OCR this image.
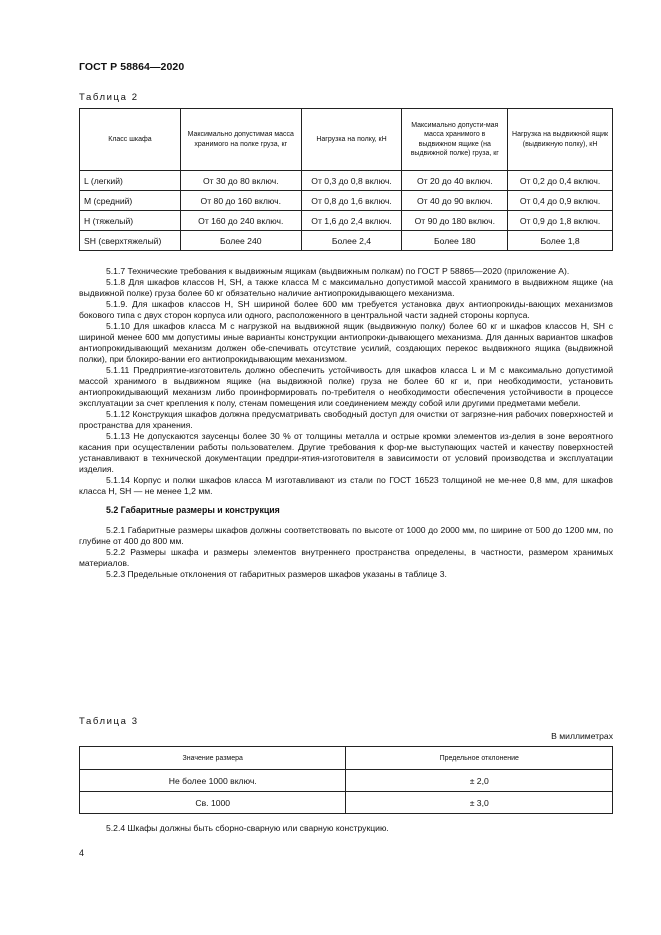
ГОСТ Р 58864—2020
Таблица 2
Класс шкафа	Максимально допустимая масса хранимого на полке груза, кг	Нагрузка на полку, кН	Максимально допусти-мая масса хранимого в выдвижном ящике (на выдвижной полке) груза, кг	Нагрузка на выдвижной ящик (выдвижную полку), кН
L (легкий)	От 30 до 80 включ.	От 0,3 до 0,8 включ.	От 20 до 40 включ.	От 0,2 до 0,4 включ.
M (средний)	От 80 до 160 включ.	От 0,8 до 1,6 включ.	От 40 до 90 включ.	От 0,4 до 0,9 включ.
H (тяжелый)	От 160 до 240 включ.	От 1,6 до 2,4 включ.	От 90 до 180 включ.	От 0,9 до 1,8 включ.
SH (сверхтяжелый)	Более 240	Более 2,4	Более 180	Более 1,8

5.1.7 Технические требования к выдвижным ящикам (выдвижным полкам) по ГОСТ Р 58865—2020 (приложение А).

5.1.8 Для шкафов классов H, SH, а также класса M с максимально допустимой массой хранимого в выдвижном ящике (на выдвижной полке) груза более 60 кг обязательно наличие антиопрокидывающего механизма.

5.1.9. Для шкафов классов H, SH шириной более 600 мм требуется установка двух антиопрокиды-вающих механизмов бокового типа с двух сторон корпуса или одного, расположенного в центральной части задней стороны корпуса.

5.1.10 Для шкафов класса M с нагрузкой на выдвижной ящик (выдвижную полку) более 60 кг и шкафов классов H, SH с шириной менее 600 мм допустимы иные варианты конструкции антиопроки-дывающего механизма. Для данных вариантов шкафов антиопрокидывающий механизм должен обе-спечивать отсутствие усилий, создающих перекос выдвижного ящика (выдвижной полки), при блокиро-вании его антиопрокидывающим механизмом.

5.1.11 Предприятие-изготовитель должно обеспечить устойчивость для шкафов класса L и M с максимально допустимой массой хранимого в выдвижном ящике (на выдвижной полке) груза не более 60 кг и, при необходимости, установить антиопрокидывающий механизм либо проинформировать по-требителя о необходимости обеспечения устойчивости в процессе эксплуатации за счет крепления к полу, стенам помещения или соединением между собой или другими предметами мебели.

5.1.12 Конструкция шкафов должна предусматривать свободный доступ для очистки от загрязне-ния рабочих поверхностей и пространства для хранения.

5.1.13 Не допускаются заусенцы более 30 % от толщины металла и острые кромки элементов из-делия в зоне вероятного касания при осуществлении работы пользователем. Другие требования к фор-ме выступающих частей и качеству поверхностей устанавливают в технической документации предпри-ятия-изготовителя в зависимости от условий производства и эксплуатации изделия.

5.1.14 Корпус и полки шкафов класса M изготавливают из стали по ГОСТ 16523 толщиной не ме-нее 0,8 мм, для шкафов класса H, SH — не менее 1,2 мм.

5.2 Габаритные размеры и конструкция

5.2.1 Габаритные размеры шкафов должны соответствовать по высоте от 1000 до 2000 мм, по ширине от 500 до 1200 мм, по глубине от 400 до 800 мм.

5.2.2 Размеры шкафа и размеры элементов внутреннего пространства определены, в частности, размером хранимых материалов.

5.2.3 Предельные отклонения от габаритных размеров шкафов указаны в таблице 3.

Таблица 3
В миллиметрах
Значение размера	Предельное отклонение
Не более 1000 включ.	± 2,0
Св. 1000	± 3,0
5.2.4 Шкафы должны быть сборно-сварную или сварную конструкцию.
4
